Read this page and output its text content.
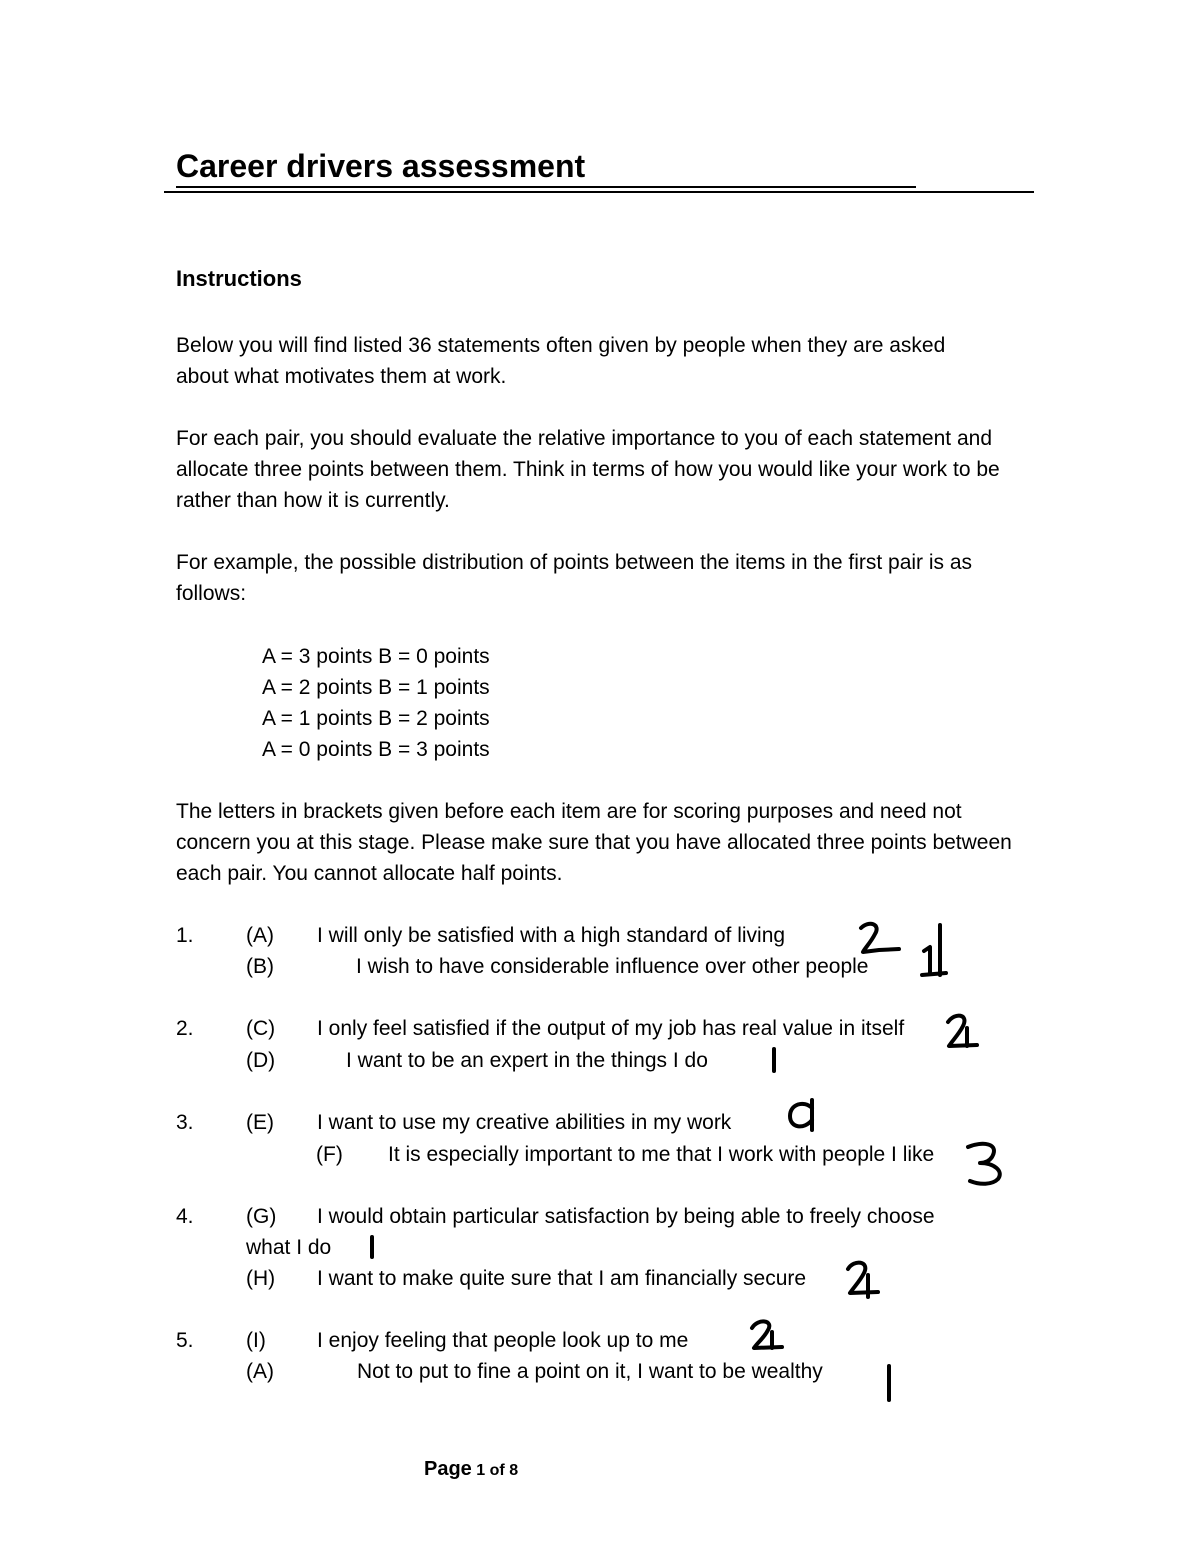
Career drivers assessment
Instructions
Below you will find listed 36 statements often given by people when they are asked about what motivates them at work.
For each pair, you should evaluate the relative importance to you of each statement and allocate three points between them. Think in terms of how you would like your work to be rather than how it is currently.
For example, the possible distribution of points between the items in the first pair is as follows:
A = 3 points B = 0 points
A = 2 points B = 1 points
A = 1 points B = 2 points
A = 0 points B = 3 points
The letters in brackets given before each item are for scoring purposes and need not concern you at this stage. Please make sure that you have allocated three points between each pair. You cannot allocate half points.
1. (A) I will only be satisfied with a high standard of living
(B)	I wish to have considerable influence over other people
2. (C) I only feel satisfied if the output of my job has real value in itself
(D)	I want to be an expert in the things I do
3. (E) I want to use my creative abilities in my work
(F) It is especially important to me that I work with people I like
4. (G) I would obtain particular satisfaction by being able to freely choose
what I do
(H) I want to make quite sure that I am financially secure
5. (I) I enjoy feeling that people look up to me
(A)	Not to put to fine a point on it, I want to be wealthy
Page 1 of 8
